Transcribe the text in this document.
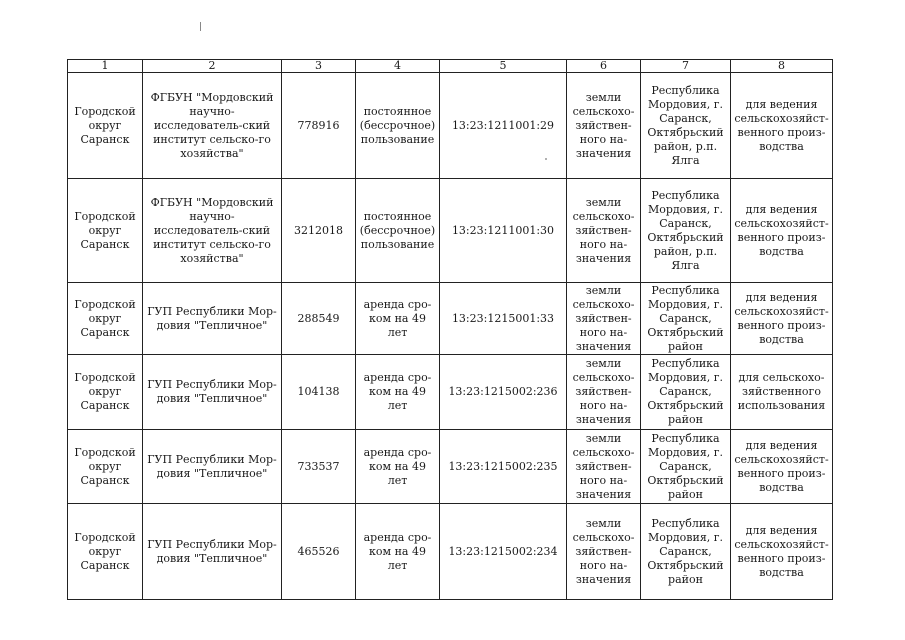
1	2	3	4	5	6	7	8
Городской округ Саранск	ФГБУН "Мордовский научно- исследователь-ский институт сельско-го хозяйства"	778916	постоянное (бессрочное) пользование	13:23:1211001:29	земли сельскохо-зяйствен-ного на-значения	Республика Мордовия, г. Саранск, Октябрьский район, р.п. Ялга	для ведения сельскохозяйст-венного произ-водства
Городской округ Саранск	ФГБУН "Мордовский научно- исследователь-ский институт сельско-го хозяйства"	3212018	постоянное (бессрочное) пользование	13:23:1211001:30	земли сельскохо-зяйствен-ного на-значения	Республика Мордовия, г. Саранск, Октябрьский район, р.п. Ялга	для ведения сельскохозяйст-венного произ-водства
Городской округ Саранск	ГУП Республики Мор-довия "Тепличное"	288549	аренда сро-ком на 49 лет	13:23:1215001:33	земли сельскохо-зяйствен-ного на-значения	Республика Мордовия, г. Саранск, Октябрьский район	для ведения сельскохозяйст-венного произ-водства
Городской округ Саранск	ГУП Республики Мор-довия "Тепличное"	104138	аренда сро-ком на 49 лет	13:23:1215002:236	земли сельскохо-зяйствен-ного на-значения	Республика Мордовия, г. Саранск, Октябрьский район	для сельскохо-зяйственного использования
Городской округ Саранск	ГУП Республики Мор-довия "Тепличное"	733537	аренда сро-ком на 49 лет	13:23:1215002:235	земли сельскохо-зяйствен-ного на-значения	Республика Мордовия, г. Саранск, Октябрьский район	для ведения сельскохозяйст-венного произ-водства
Городской округ Саранск	ГУП Республики Мор-довия "Тепличное"	465526	аренда сро-ком на 49 лет	13:23:1215002:234	земли сельскохо-зяйствен-ного на-значения	Республика Мордовия, г. Саранск, Октябрьский район	для ведения сельскохозяйст-венного произ-водства
